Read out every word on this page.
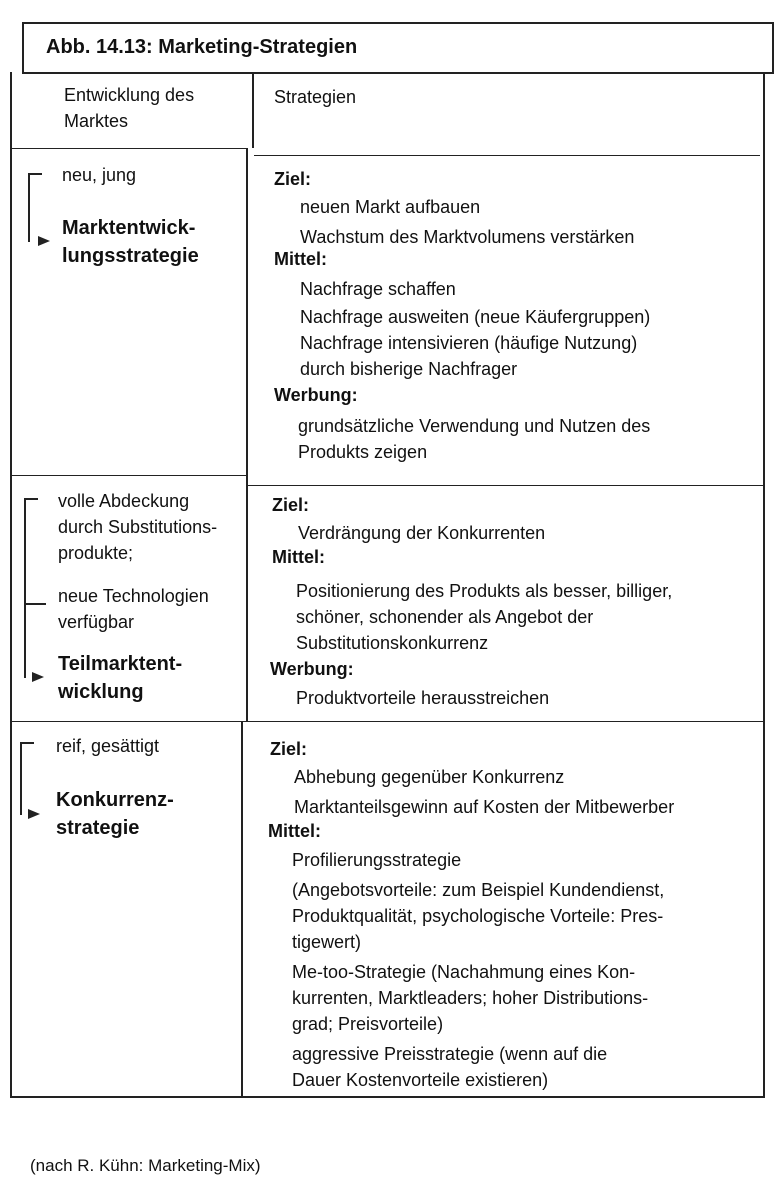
Abb. 14.13: Marketing-Strategien
Entwicklung des
Marktes
Strategien
neu, jung
Marktentwick-
lungsstrategie
Ziel:
neuen Markt aufbauen
Wachstum des Marktvolumens verstärken
Mittel:
Nachfrage schaffen
Nachfrage ausweiten (neue Käufergruppen)
Nachfrage intensivieren (häufige Nutzung)
durch bisherige Nachfrager
Werbung:
grundsätzliche Verwendung und Nutzen des
Produkts zeigen
volle Abdeckung
durch Substitutions-
produkte;
neue Technologien
verfügbar
Teilmarktent-
wicklung
Ziel:
Verdrängung der Konkurrenten
Mittel:
Positionierung des Produkts als besser, billiger,
schöner, schonender als Angebot der
Substitutionskonkurrenz
Werbung:
Produktvorteile herausstreichen
reif, gesättigt
Konkurrenz-
strategie
Ziel:
Abhebung gegenüber Konkurrenz
Marktanteilsgewinn auf Kosten der Mitbewerber
Mittel:
Profilierungsstrategie
(Angebotsvorteile: zum Beispiel Kundendienst,
Produktqualität, psychologische Vorteile: Pres-
tigewert)
Me-too-Strategie (Nachahmung eines Kon-
kurrenten, Marktleaders; hoher Distributions-
grad; Preisvorteile)
aggressive Preisstrategie (wenn auf die
Dauer Kostenvorteile existieren)
(nach R. Kühn: Marketing-Mix)
